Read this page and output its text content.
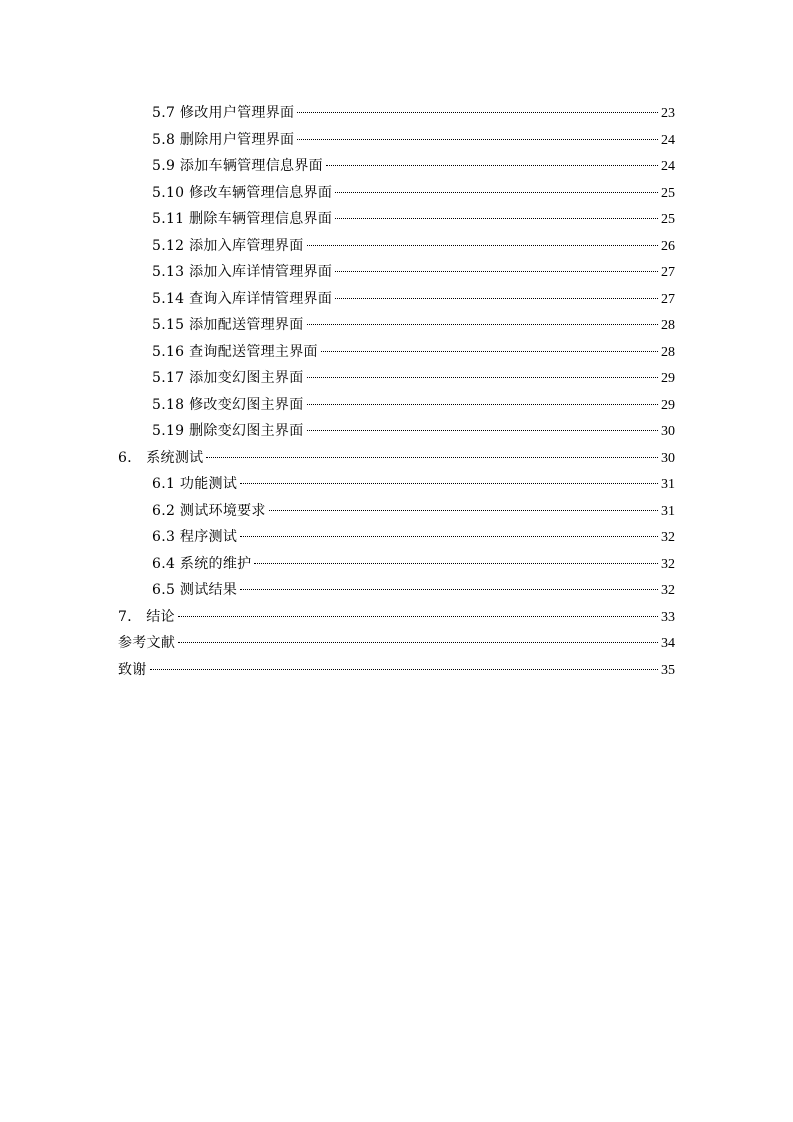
5.7 修改用户管理界面	23
5.8 删除用户管理界面	24
5.9 添加车辆管理信息界面	24
5.10 修改车辆管理信息界面	25
5.11 删除车辆管理信息界面	25
5.12 添加入库管理界面	26
5.13 添加入库详情管理界面	27
5.14 查询入库详情管理界面	27
5.15 添加配送管理界面	28
5.16 查询配送管理主界面	28
5.17 添加变幻图主界面	29
5.18 修改变幻图主界面	29
5.19 删除变幻图主界面	30
6． 系统测试	30
6.1 功能测试	31
6.2 测试环境要求	31
6.3 程序测试	32
6.4 系统的维护	32
6.5 测试结果	32
7． 结论	33
参考文献	34
致谢	35
